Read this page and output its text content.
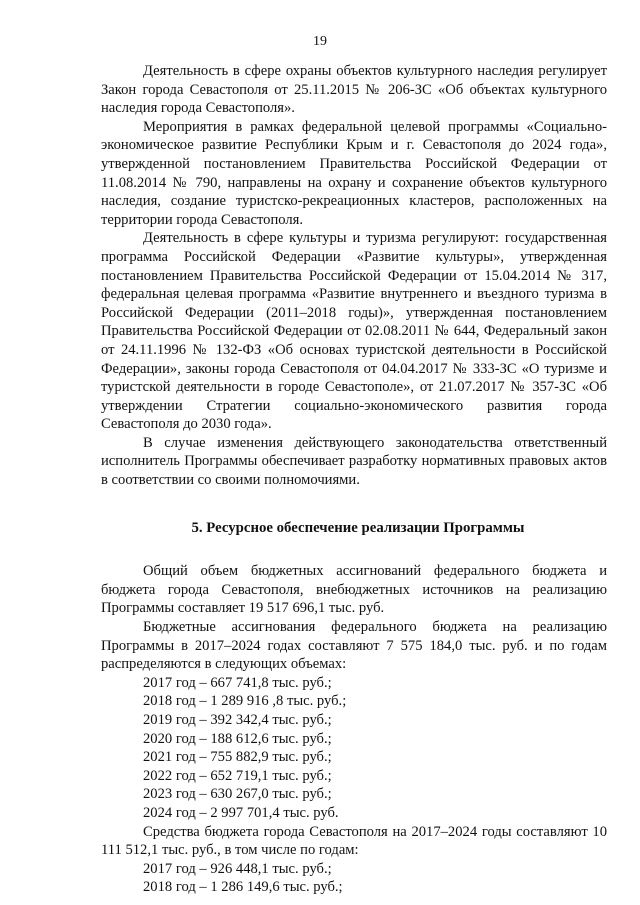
19

Деятельность в сфере охраны объектов культурного наследия регулирует Закон города Севастополя от 25.11.2015 № 206-ЗС «Об объектах культурного наследия города Севастополя».

Мероприятия в рамках федеральной целевой программы «Социально-экономическое развитие Республики Крым и г. Севастополя до 2024 года», утвержденной постановлением Правительства Российской Федерации от 11.08.2014 № 790, направлены на охрану и сохранение объектов культурного наследия, создание туристско-рекреационных кластеров, расположенных на территории города Севастополя.

Деятельность в сфере культуры и туризма регулируют: государственная программа Российской Федерации «Развитие культуры», утвержденная постановлением Правительства Российской Федерации от 15.04.2014 № 317, федеральная целевая программа «Развитие внутреннего и въездного туризма в Российской Федерации (2011–2018 годы)», утвержденная постановлением Правительства Российской Федерации от 02.08.2011 № 644, Федеральный закон от 24.11.1996 № 132-ФЗ «Об основах туристской деятельности в Российской Федерации», законы города Севастополя от 04.04.2017 № 333-ЗС «О туризме и туристской деятельности в городе Севастополе», от 21.07.2017 № 357-ЗС «Об утверждении Стратегии социально-экономического развития города Севастополя до 2030 года».

В случае изменения действующего законодательства ответственный исполнитель Программы обеспечивает разработку нормативных правовых актов в соответствии со своими полномочиями.

5. Ресурсное обеспечение реализации Программы

Общий объем бюджетных ассигнований федерального бюджета и бюджета города Севастополя, внебюджетных источников на реализацию Программы составляет 19 517 696,1 тыс. руб.

Бюджетные ассигнования федерального бюджета на реализацию Программы в 2017–2024 годах составляют 7 575 184,0 тыс. руб. и по годам распределяются в следующих объемах:

2017 год – 667 741,8 тыс. руб.;
2018 год – 1 289 916 ,8 тыс. руб.;
2019 год – 392 342,4 тыс. руб.;
2020 год – 188 612,6 тыс. руб.;
2021 год – 755 882,9 тыс. руб.;
2022 год – 652 719,1 тыс. руб.;
2023 год – 630 267,0 тыс. руб.;
2024 год – 2 997 701,4 тыс. руб.

Средства бюджета города Севастополя на 2017–2024 годы составляют 10 111 512,1 тыс. руб., в том числе по годам:

2017 год – 926 448,1 тыс. руб.;
2018 год – 1 286 149,6 тыс. руб.;
